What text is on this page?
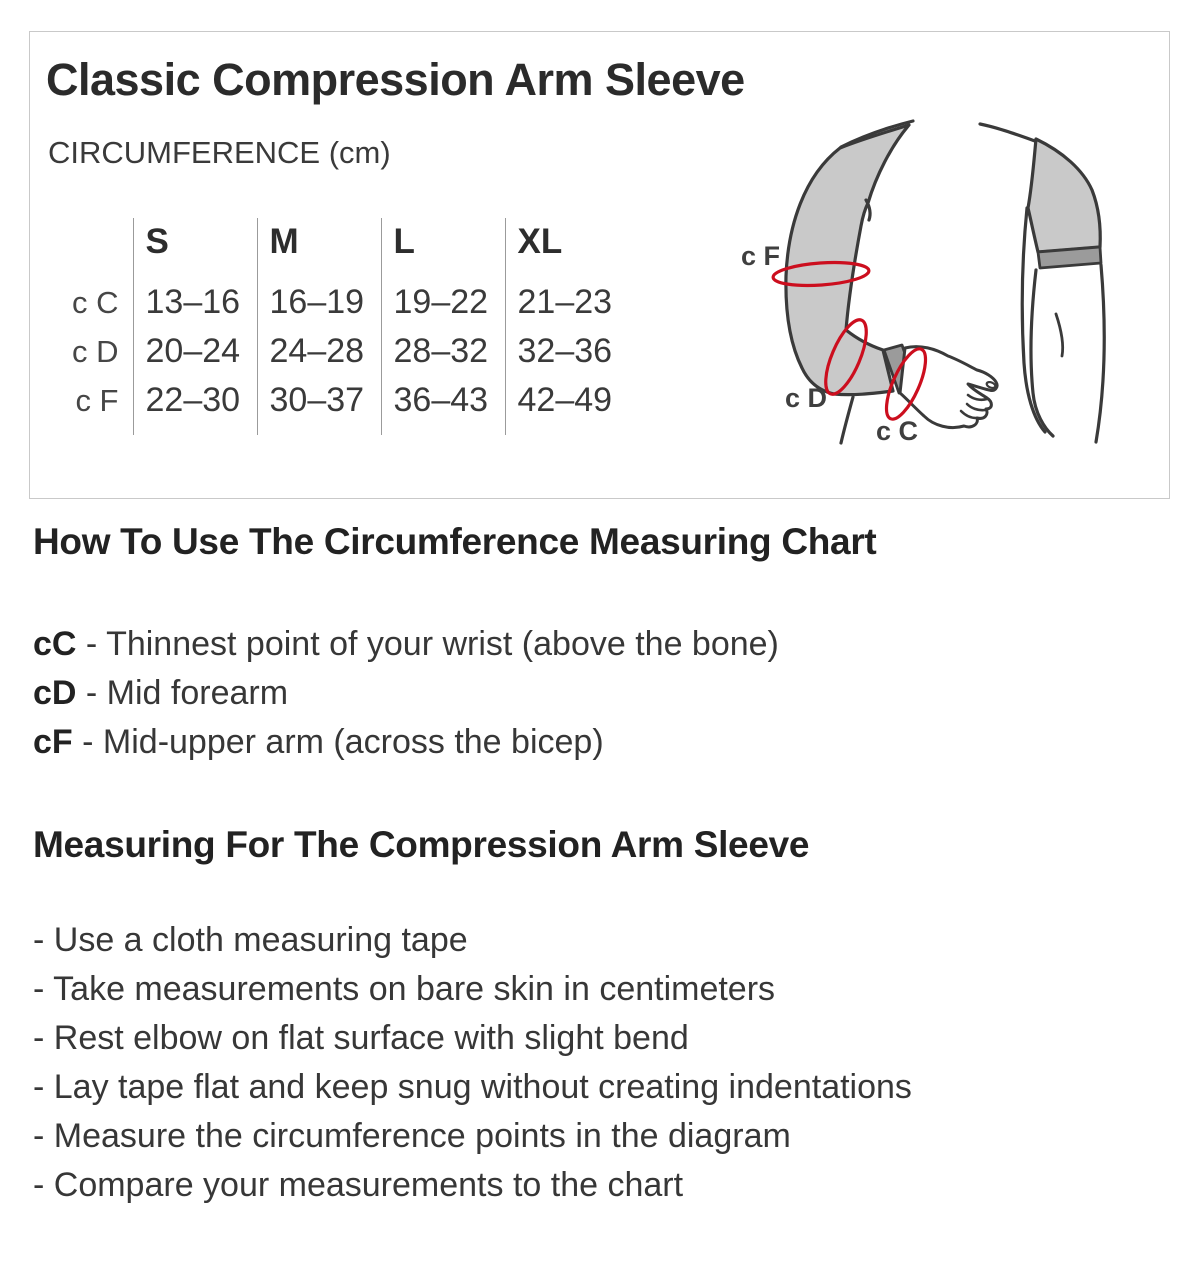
Classic Compression Arm Sleeve
CIRCUMFERENCE (cm)
	S	M	L	XL
c C	13–16	16–19	19–22	21–23
c D	20–24	24–28	28–32	32–36
c F	22–30	30–37	36–43	42–49
c F
c D
c C
How To Use The Circumference Measuring Chart
cC - Thinnest point of your wrist (above the bone)
cD - Mid forearm
cF - Mid-upper arm (across the bicep)
Measuring For The Compression Arm Sleeve
- Use a cloth measuring tape
- Take measurements on bare skin in centimeters
- Rest elbow on flat surface with slight bend
- Lay tape flat and keep snug without creating indentations
- Measure the circumference points in the diagram
- Compare your measurements to the chart
